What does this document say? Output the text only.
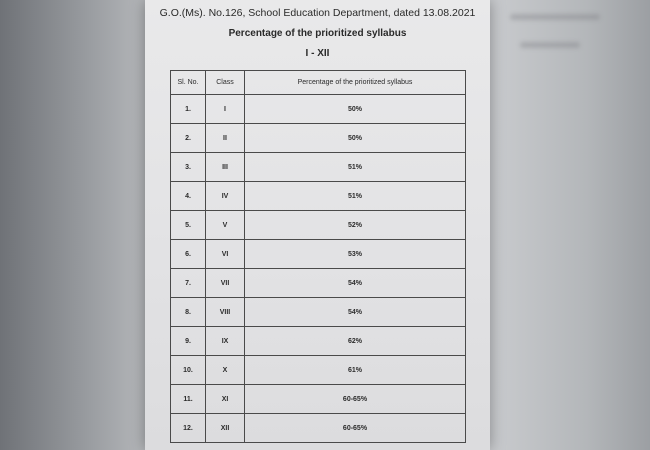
G.O.(Ms). No.126, School Education Department, dated 13.08.2021
Percentage of the prioritized syllabus
I - XII
Sl. No.	Class	Percentage of the prioritized syllabus
1.	I	50%
2.	II	50%
3.	III	51%
4.	IV	51%
5.	V	52%
6.	VI	53%
7.	VII	54%
8.	VIII	54%
9.	IX	62%
10.	X	61%
11.	XI	60-65%
12.	XII	60-65%
